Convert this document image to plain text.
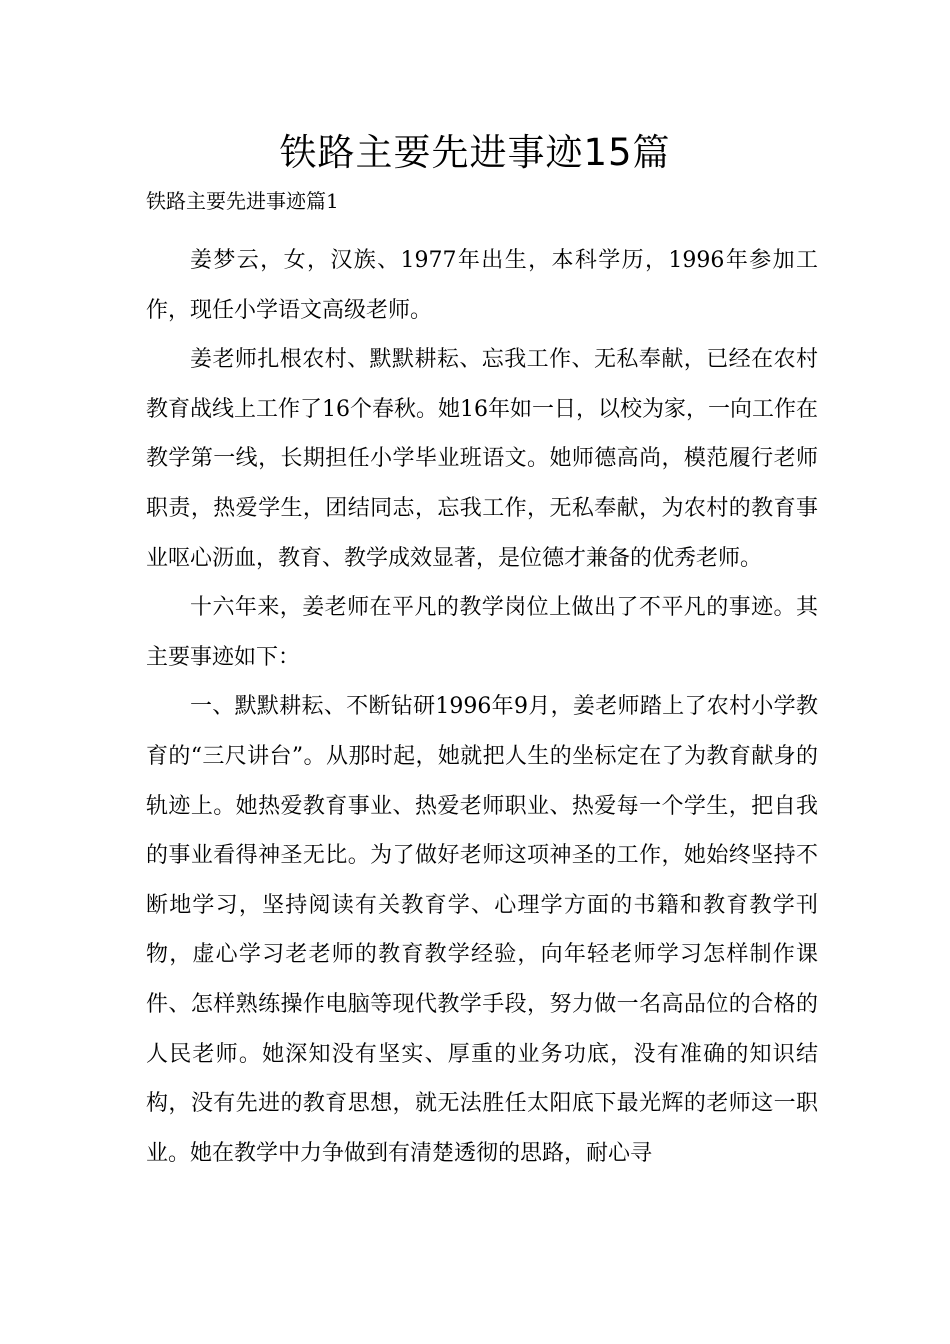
铁路主要先进事迹15篇
铁路主要先进事迹篇1

姜梦云，女，汉族、1977年出生，本科学历，1996年参加工作，现任小学语文高级老师。

姜老师扎根农村、默默耕耘、忘我工作、无私奉献，已经在农村教育战线上工作了16个春秋。她16年如一日，以校为家，一向工作在教学第一线，长期担任小学毕业班语文。她师德高尚，模范履行老师职责，热爱学生，团结同志，忘我工作，无私奉献，为农村的教育事业呕心沥血，教育、教学成效显著，是位德才兼备的优秀老师。

十六年来，姜老师在平凡的教学岗位上做出了不平凡的事迹。其主要事迹如下：

一、默默耕耘、不断钻研1996年9月，姜老师踏上了农村小学教育的“三尺讲台”。从那时起，她就把人生的坐标定在了为教育献身的轨迹上。她热爱教育事业、热爱老师职业、热爱每一个学生，把自我的事业看得神圣无比。为了做好老师这项神圣的工作，她始终坚持不断地学习，坚持阅读有关教育学、心理学方面的书籍和教育教学刊物，虚心学习老老师的教育教学经验，向年轻老师学习怎样制作课件、怎样熟练操作电脑等现代教学手段，努力做一名高品位的合格的人民老师。她深知没有坚实、厚重的业务功底，没有准确的知识结构，没有先进的教育思想，就无法胜任太阳底下最光辉的老师这一职业。她在教学中力争做到有清楚透彻的思路，耐心寻
